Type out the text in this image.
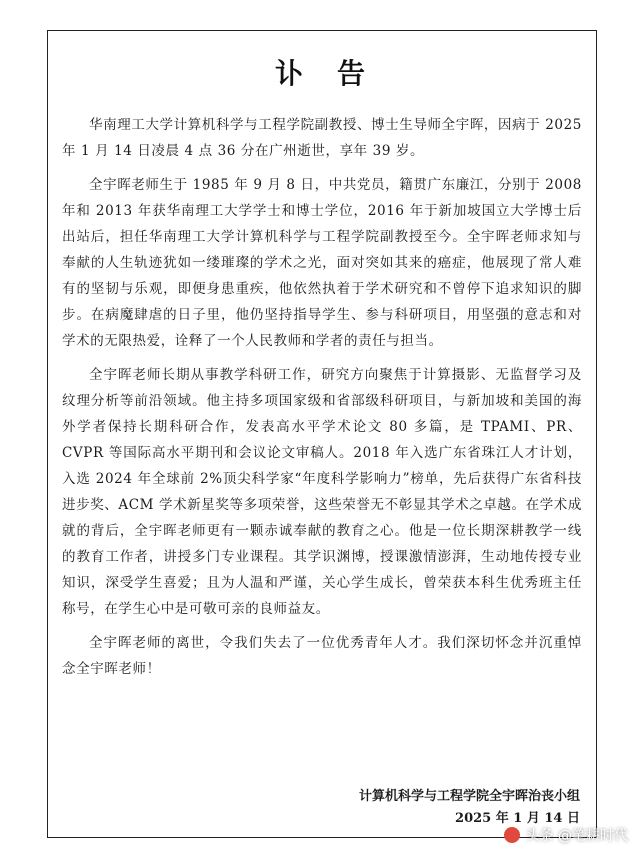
讣告

华南理工大学计算机科学与工程学院副教授、博士生导师全宇晖，因病于 2025 年 1 月 14 日凌晨 4 点 36 分在广州逝世，享年 39 岁。

全宇晖老师生于 1985 年 9 月 8 日，中共党员，籍贯广东廉江，分别于 2008 年和 2013 年获华南理工大学学士和博士学位，2016 年于新加坡国立大学博士后出站后，担任华南理工大学计算机科学与工程学院副教授至今。全宇晖老师求知与奉献的人生轨迹犹如一缕璀璨的学术之光，面对突如其来的癌症，他展现了常人难有的坚韧与乐观，即便身患重疾，他依然执着于学术研究和不曾停下追求知识的脚步。在病魔肆虐的日子里，他仍坚持指导学生、参与科研项目，用坚强的意志和对学术的无限热爱，诠释了一个人民教师和学者的责任与担当。

全宇晖老师长期从事教学科研工作，研究方向聚焦于计算摄影、无监督学习及纹理分析等前沿领域。他主持多项国家级和省部级科研项目，与新加坡和美国的海外学者保持长期科研合作，发表高水平学术论文 80 多篇，是 TPAMI、PR、CVPR 等国际高水平期刊和会议论文审稿人。2018 年入选广东省珠江人才计划，入选 2024 年全球前 2%顶尖科学家“年度科学影响力”榜单，先后获得广东省科技进步奖、ACM 学术新星奖等多项荣誉，这些荣誉无不彰显其学术之卓越。在学术成就的背后，全宇晖老师更有一颗赤诚奉献的教育之心。他是一位长期深耕教学一线的教育工作者，讲授多门专业课程。其学识渊博，授课激情澎湃，生动地传授专业知识，深受学生喜爱；且为人温和严谨，关心学生成长，曾荣获本科生优秀班主任称号，在学生心中是可敬可亲的良师益友。

全宇晖老师的离世，令我们失去了一位优秀青年人才。我们深切怀念并沉重悼念全宇晖老师！

计算机科学与工程学院全宇晖治丧小组
2025 年 1 月 14 日
头条 @笔耕时代
